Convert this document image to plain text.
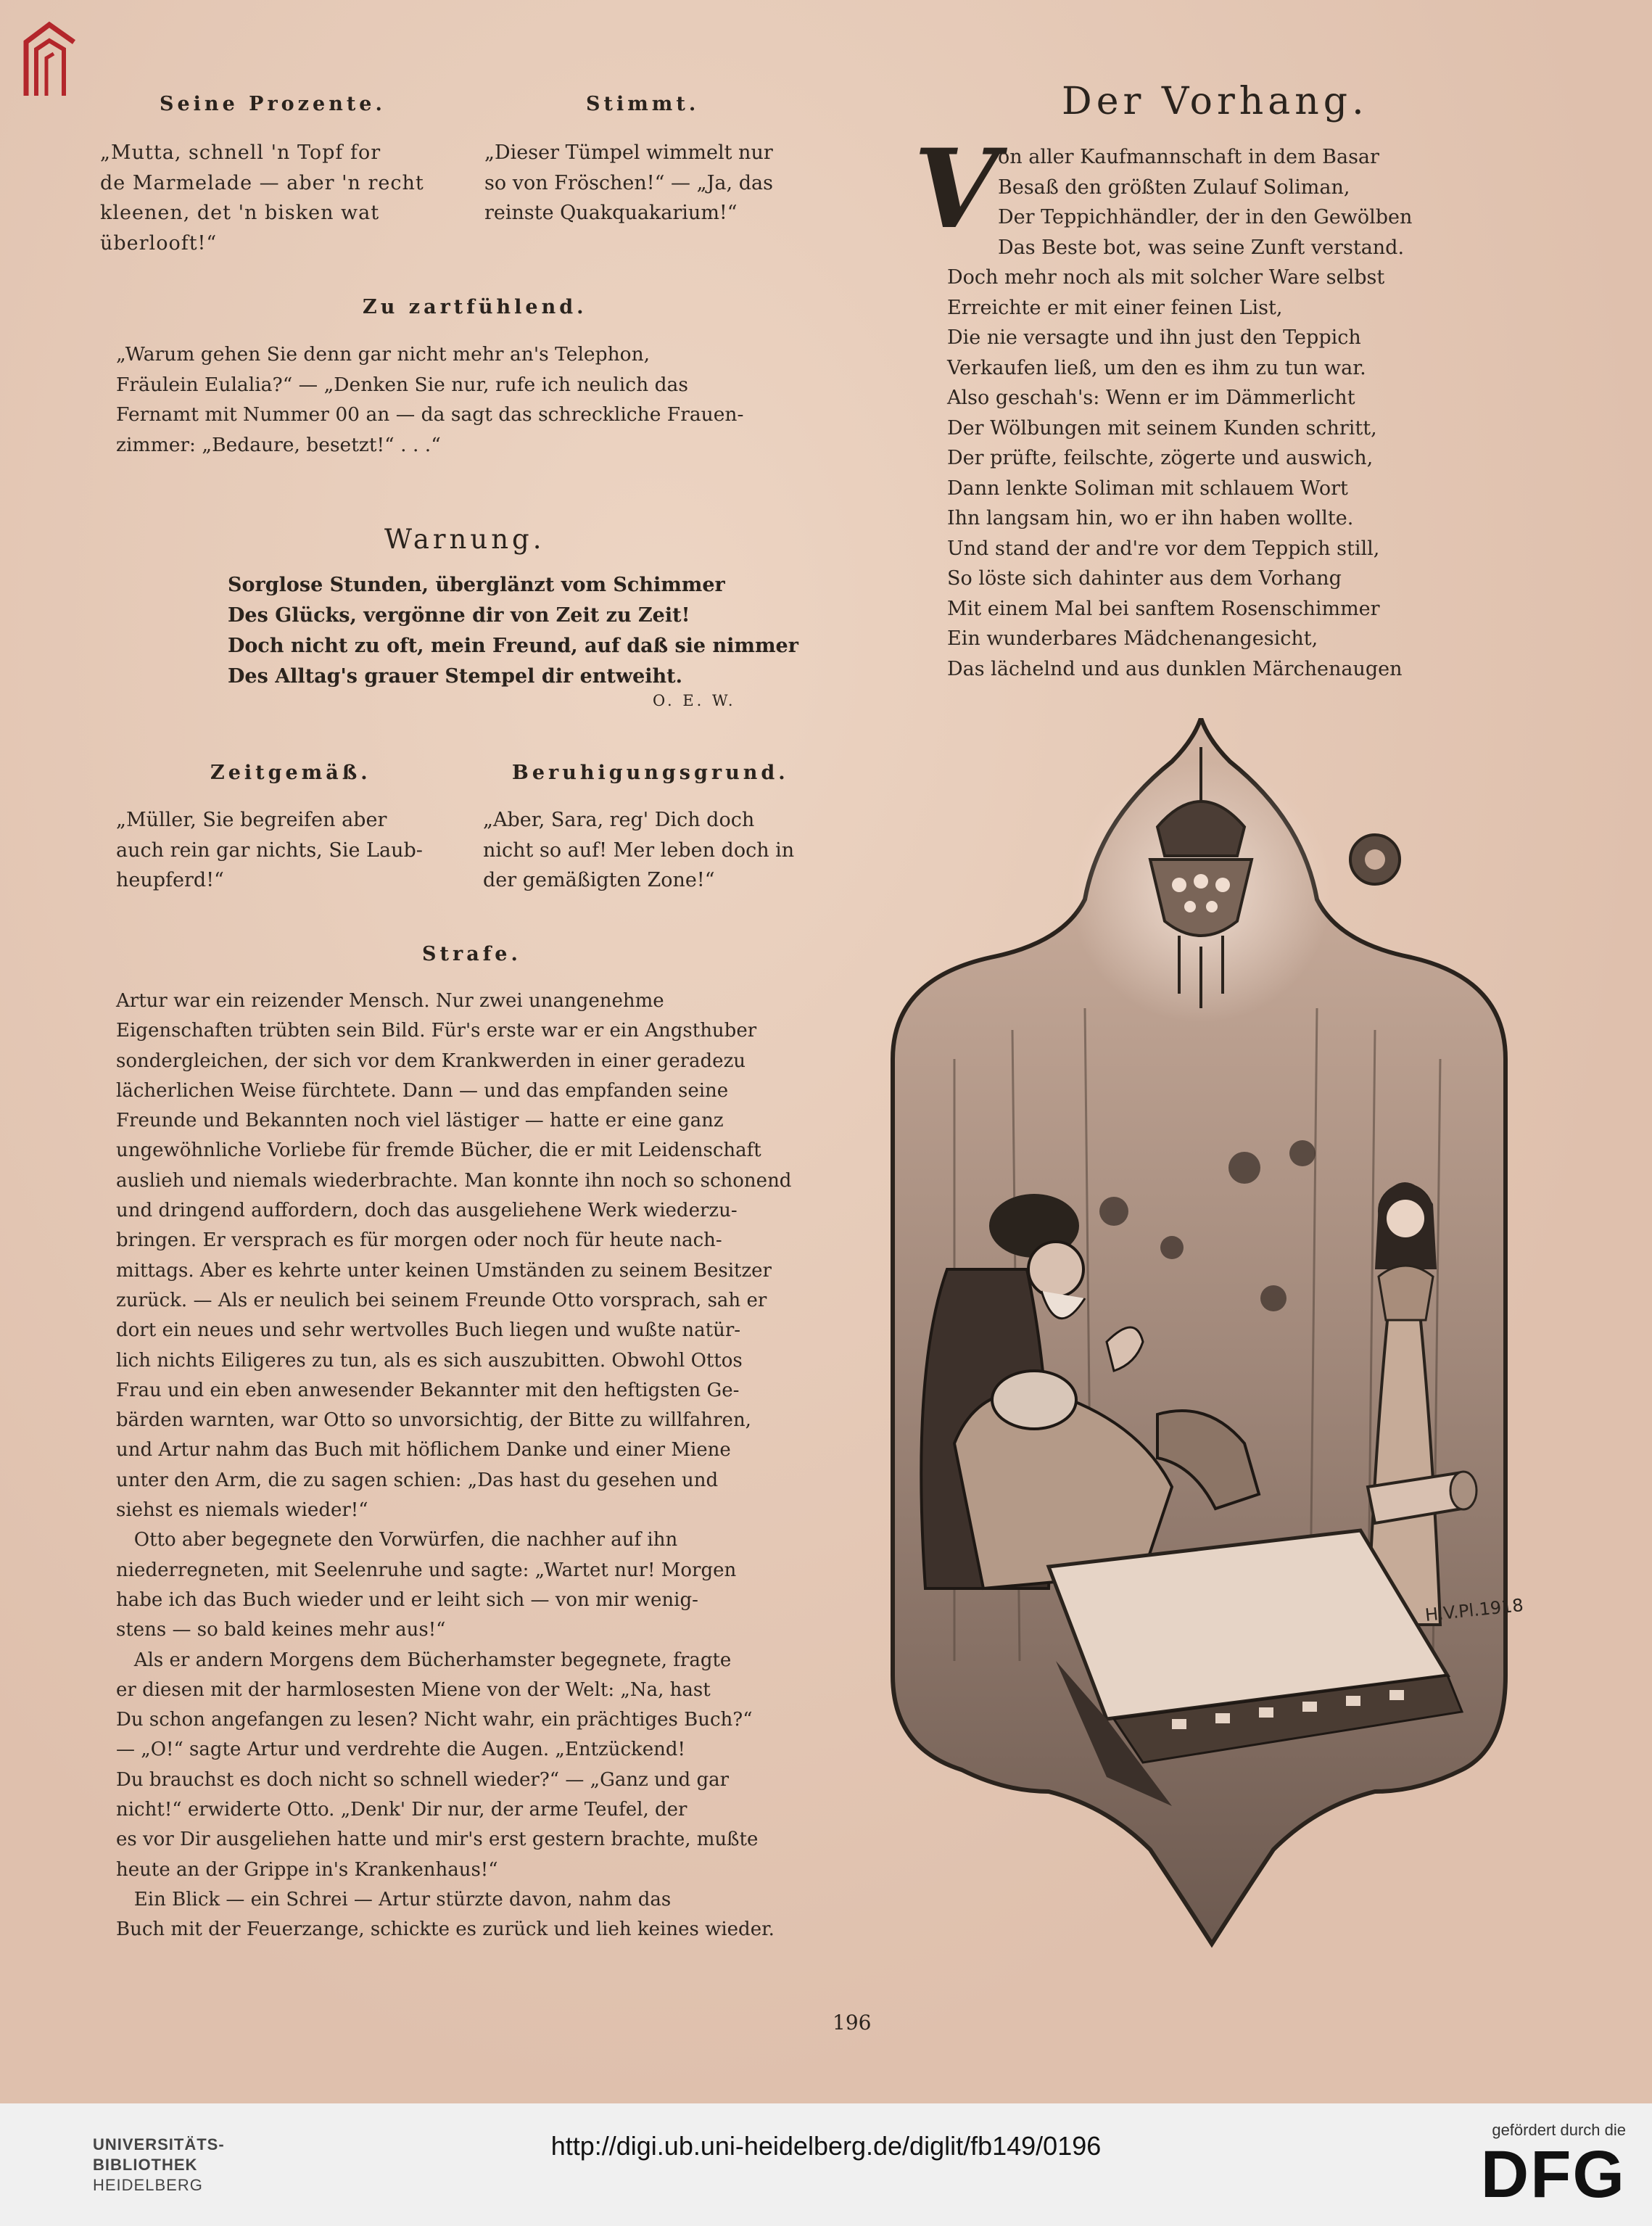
Seine Prozente.
„Mutta, schnell 'n Topf for
de Marmelade — aber 'n recht
kleenen, det 'n bisken wat
überlooft!“
Stimmt.
„Dieser Tümpel wimmelt nur
so von Fröschen!“ — „Ja, das
reinste Quakquakarium!“
Zu zartfühlend.
„Warum gehen Sie denn gar nicht mehr an's Telephon,
Fräulein Eulalia?“ — „Denken Sie nur, rufe ich neulich das
Fernamt mit Nummer 00 an — da sagt das schreckliche Frauen-
zimmer: „Bedaure, besetzt!“ . . .“
Warnung.
Sorglose Stunden, überglänzt vom Schimmer
Des Glücks, vergönne dir von Zeit zu Zeit!
Doch nicht zu oft, mein Freund, auf daß sie nimmer
Des Alltag's grauer Stempel dir entweiht.
O. E. W.
Zeitgemäß.
„Müller, Sie begreifen aber
auch rein gar nichts, Sie Laub-
heupferd!“
Beruhigungsgrund.
„Aber, Sara, reg' Dich doch
nicht so auf! Mer leben doch in
der gemäßigten Zone!“
Strafe.
Artur war ein reizender Mensch. Nur zwei unangenehme
Eigenschaften trübten sein Bild. Für's erste war er ein Angsthuber
sondergleichen, der sich vor dem Krankwerden in einer geradezu
lächerlichen Weise fürchtete. Dann — und das empfanden seine
Freunde und Bekannten noch viel lästiger — hatte er eine ganz
ungewöhnliche Vorliebe für fremde Bücher, die er mit Leidenschaft
auslieh und niemals wiederbrachte. Man konnte ihn noch so schonend
und dringend auffordern, doch das ausgeliehene Werk wiederzu-
bringen. Er versprach es für morgen oder noch für heute nach-
mittags. Aber es kehrte unter keinen Umständen zu seinem Besitzer
zurück. — Als er neulich bei seinem Freunde Otto vorsprach, sah er
dort ein neues und sehr wertvolles Buch liegen und wußte natür-
lich nichts Eiligeres zu tun, als es sich auszubitten. Obwohl Ottos
Frau und ein eben anwesender Bekannter mit den heftigsten Ge-
bärden warnten, war Otto so unvorsichtig, der Bitte zu willfahren,
und Artur nahm das Buch mit höflichem Danke und einer Miene
unter den Arm, die zu sagen schien: „Das hast du gesehen und
siehst es niemals wieder!“
Otto aber begegnete den Vorwürfen, die nachher auf ihn
niederregneten, mit Seelenruhe und sagte: „Wartet nur! Morgen
habe ich das Buch wieder und er leiht sich — von mir wenig-
stens — so bald keines mehr aus!“
Als er andern Morgens dem Bücherhamster begegnete, fragte
er diesen mit der harmlosesten Miene von der Welt: „Na, hast
Du schon angefangen zu lesen? Nicht wahr, ein prächtiges Buch?“
— „O!“ sagte Artur und verdrehte die Augen. „Entzückend!
Du brauchst es doch nicht so schnell wieder?“ — „Ganz und gar
nicht!“ erwiderte Otto. „Denk' Dir nur, der arme Teufel, der
es vor Dir ausgeliehen hatte und mir's erst gestern brachte, mußte
heute an der Grippe in's Krankenhaus!“
Ein Blick — ein Schrei — Artur stürzte davon, nahm das
Buch mit der Feuerzange, schickte es zurück und lieh keines wieder.
Der Vorhang.
V on aller Kaufmannschaft in dem Basar
Besaß den größten Zulauf Soliman,
Der Teppichhändler, der in den Gewölben
Das Beste bot, was seine Zunft verstand.
Doch mehr noch als mit solcher Ware selbst
Erreichte er mit einer feinen List,
Die nie versagte und ihn just den Teppich
Verkaufen ließ, um den es ihm zu tun war.
Also geschah's: Wenn er im Dämmerlicht
Der Wölbungen mit seinem Kunden schritt,
Der prüfte, feilschte, zögerte und auswich,
Dann lenkte Soliman mit schlauem Wort
Ihn langsam hin, wo er ihn haben wollte.
Und stand der and're vor dem Teppich still,
So löste sich dahinter aus dem Vorhang
Mit einem Mal bei sanftem Rosenschimmer
Ein wunderbares Mädchenangesicht,
Das lächelnd und aus dunklen Märchenaugen
H.V.Pl.1918
196
UNIVERSITÄTS-
BIBLIOTHEK
HEIDELBERG
http://digi.ub.uni-heidelberg.de/diglit/fb149/0196
gefördert durch die
DFG
